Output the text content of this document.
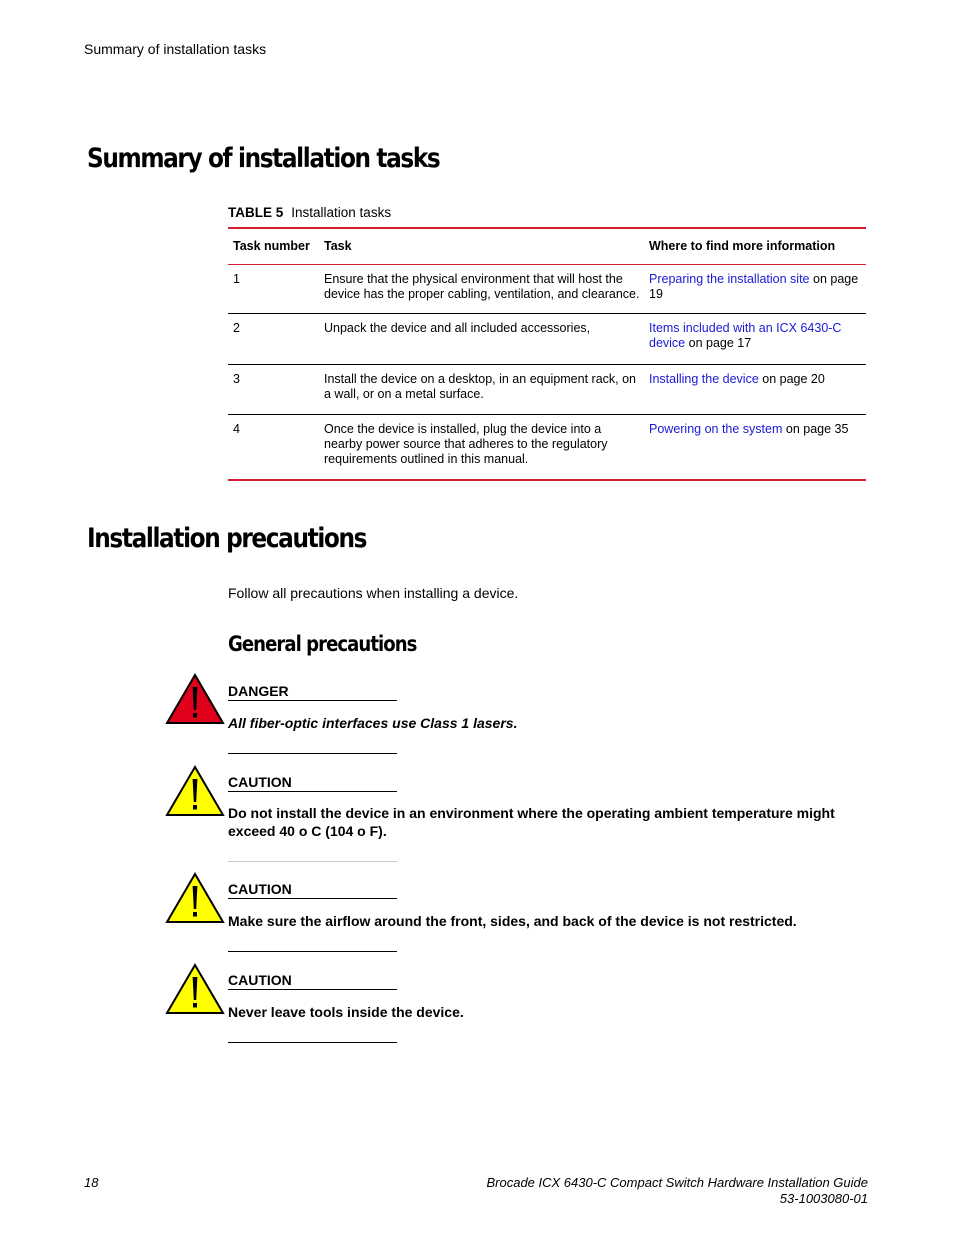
Summary of installation tasks
Summary of installation tasks
TABLE 5 Installation tasks
Task number	Task	Where to find more information
1	Ensure that the physical environment that will host the device has the proper cabling, ventilation, and clearance.	Preparing the installation site on page 19
2	Unpack the device and all included accessories,	Items included with an ICX 6430-C device on page 17
3	Install the device on a desktop, in an equipment rack, on a wall, or on a metal surface.	Installing the device on page 20
4	Once the device is installed, plug the device into a nearby power source that adheres to the regulatory requirements outlined in this manual.	Powering on the system on page 35
Installation precautions
Follow all precautions when installing a device.
General precautions
DANGER
All fiber-optic interfaces use Class 1 lasers.
CAUTION
Do not install the device in an environment where the operating ambient temperature might exceed 40 o C (104 o F).
CAUTION
Make sure the airflow around the front, sides, and back of the device is not restricted.
CAUTION
Never leave tools inside the device.
18	Brocade ICX 6430-C Compact Switch Hardware Installation Guide
53-1003080-01
